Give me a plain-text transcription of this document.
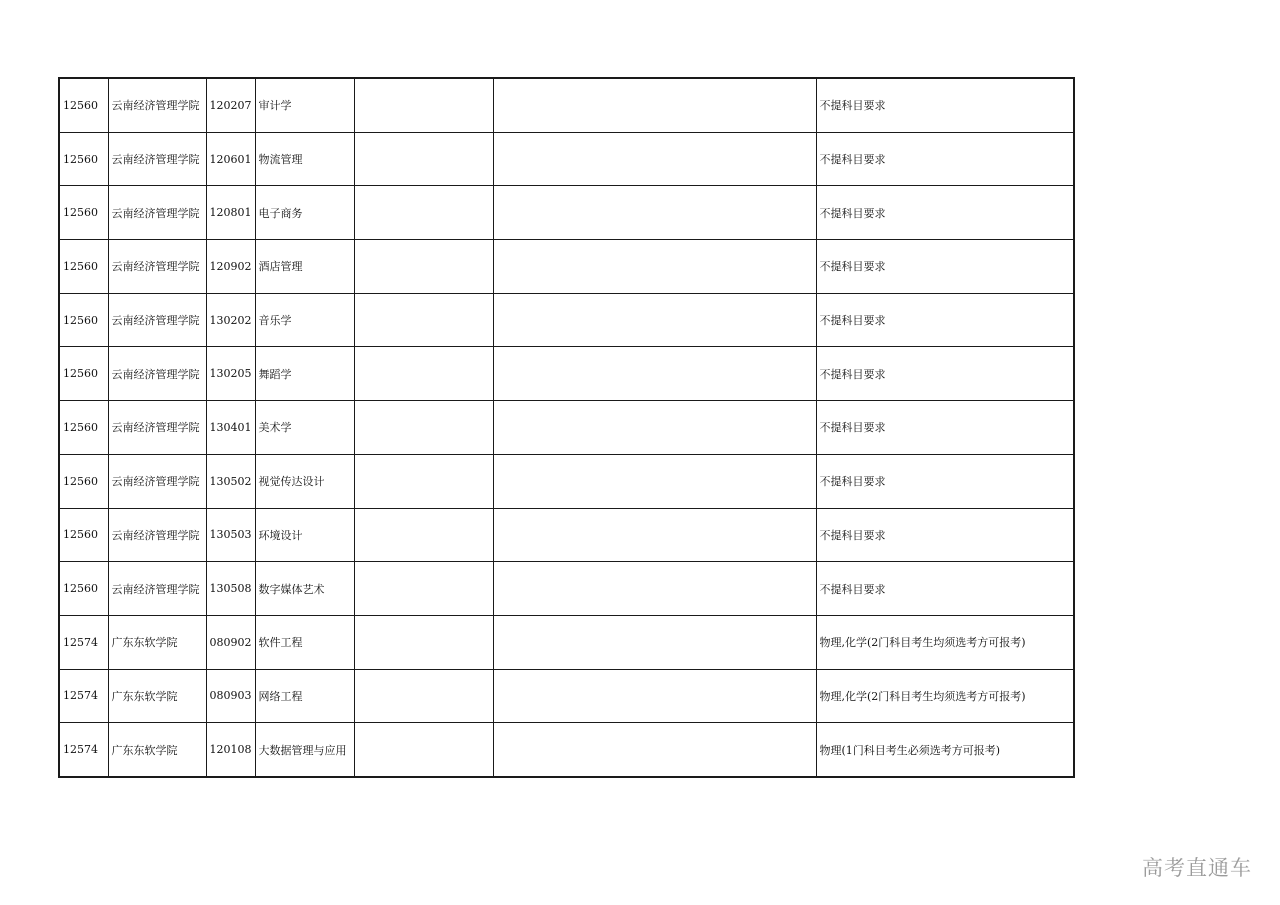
12560	云南经济管理学院	120207	审计学			不提科目要求
12560	云南经济管理学院	120601	物流管理			不提科目要求
12560	云南经济管理学院	120801	电子商务			不提科目要求
12560	云南经济管理学院	120902	酒店管理			不提科目要求
12560	云南经济管理学院	130202	音乐学			不提科目要求
12560	云南经济管理学院	130205	舞蹈学			不提科目要求
12560	云南经济管理学院	130401	美术学			不提科目要求
12560	云南经济管理学院	130502	视觉传达设计			不提科目要求
12560	云南经济管理学院	130503	环境设计			不提科目要求
12560	云南经济管理学院	130508	数字媒体艺术			不提科目要求
12574	广东东软学院	080902	软件工程			物理,化学(2门科目考生均须选考方可报考)
12574	广东东软学院	080903	网络工程			物理,化学(2门科目考生均须选考方可报考)
12574	广东东软学院	120108	大数据管理与应用			物理(1门科目考生必须选考方可报考)
高考直通车
